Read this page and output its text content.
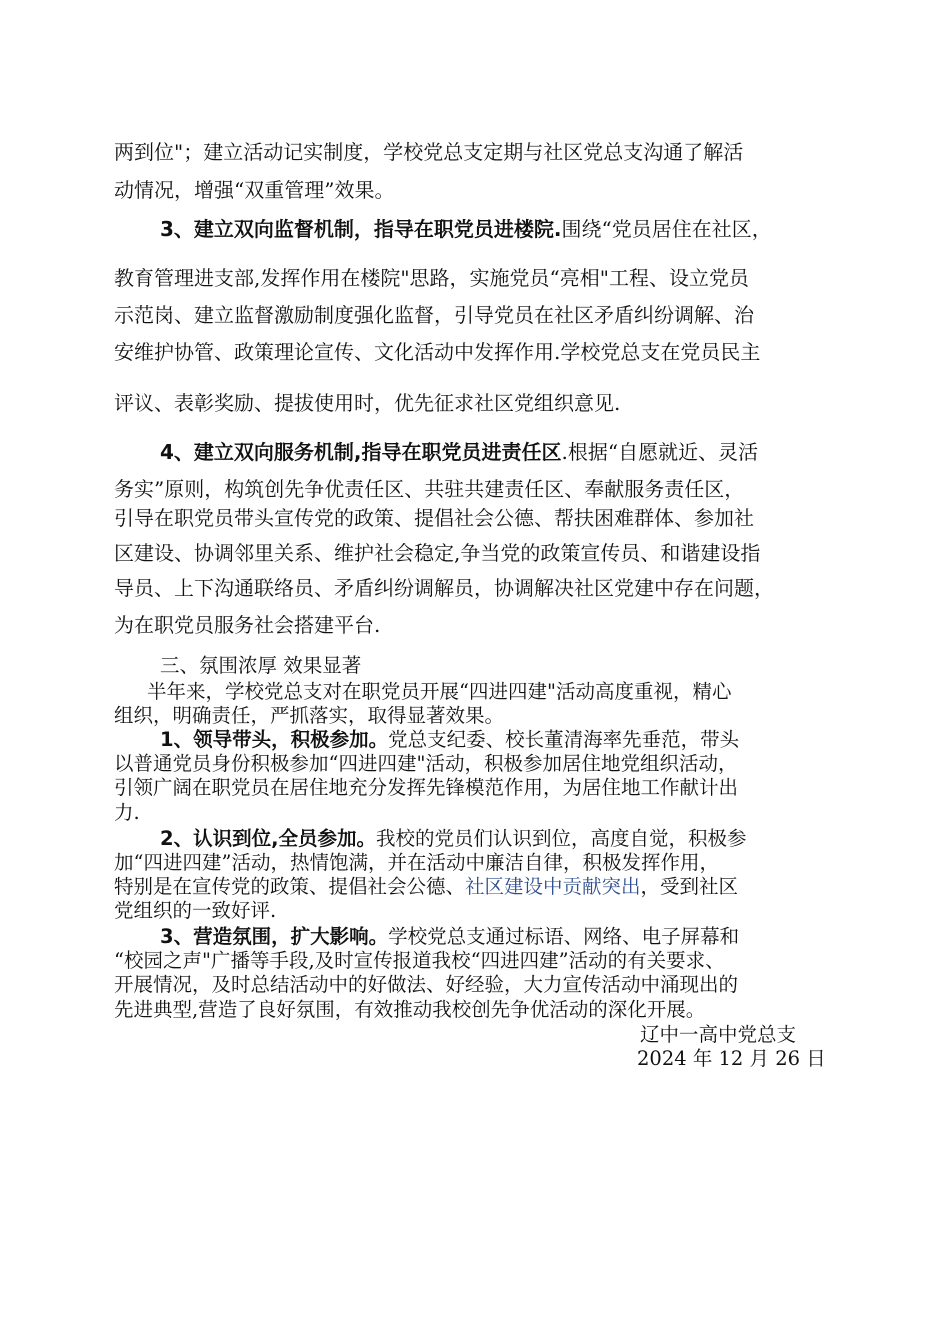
两到位"；建立活动记实制度，学校党总支定期与社区党总支沟通了解活

动情况，增强“双重管理”效果。

3、建立双向监督机制，指导在职党员进楼院.围绕“党员居住在社区，

教育管理进支部,发挥作用在楼院"思路，实施党员“亮相"工程、设立党员

示范岗、建立监督激励制度强化监督，引导党员在社区矛盾纠纷调解、治

安维护协管、政策理论宣传、文化活动中发挥作用.学校党总支在党员民主

评议、表彰奖励、提拔使用时，优先征求社区党组织意见.

4、建立双向服务机制,指导在职党员进责任区.根据“自愿就近、灵活

务实”原则，构筑创先争优责任区、共驻共建责任区、奉献服务责任区，

引导在职党员带头宣传党的政策、提倡社会公德、帮扶困难群体、参加社

区建设、协调邻里关系、维护社会稳定,争当党的政策宣传员、和谐建设指

导员、上下沟通联络员、矛盾纠纷调解员，协调解决社区党建中存在问题，

为在职党员服务社会搭建平台.

三、氛围浓厚 效果显著

半年来，学校党总支对在职党员开展“四进四建"活动高度重视，精心

组织，明确责任，严抓落实，取得显著效果。

1、领导带头，积极参加。党总支纪委、校长董清海率先垂范，带头

以普通党员身份积极参加“四进四建"活动，积极参加居住地党组织活动，

引领广阔在职党员在居住地充分发挥先锋模范作用，为居住地工作献计出

力.

2、认识到位,全员参加。我校的党员们认识到位，高度自觉，积极参

加“四进四建”活动，热情饱满，并在活动中廉洁自律，积极发挥作用，

特别是在宣传党的政策、提倡社会公德、社区建设中贡献突出，受到社区

党组织的一致好评.

3、营造氛围，扩大影响。学校党总支通过标语、网络、电子屏幕和

“校园之声"广播等手段,及时宣传报道我校“四进四建”活动的有关要求、

开展情况，及时总结活动中的好做法、好经验，大力宣传活动中涌现出的

先进典型,营造了良好氛围，有效推动我校创先争优活动的深化开展。

辽中一高中党总支

2024 年 12 月 26 日
